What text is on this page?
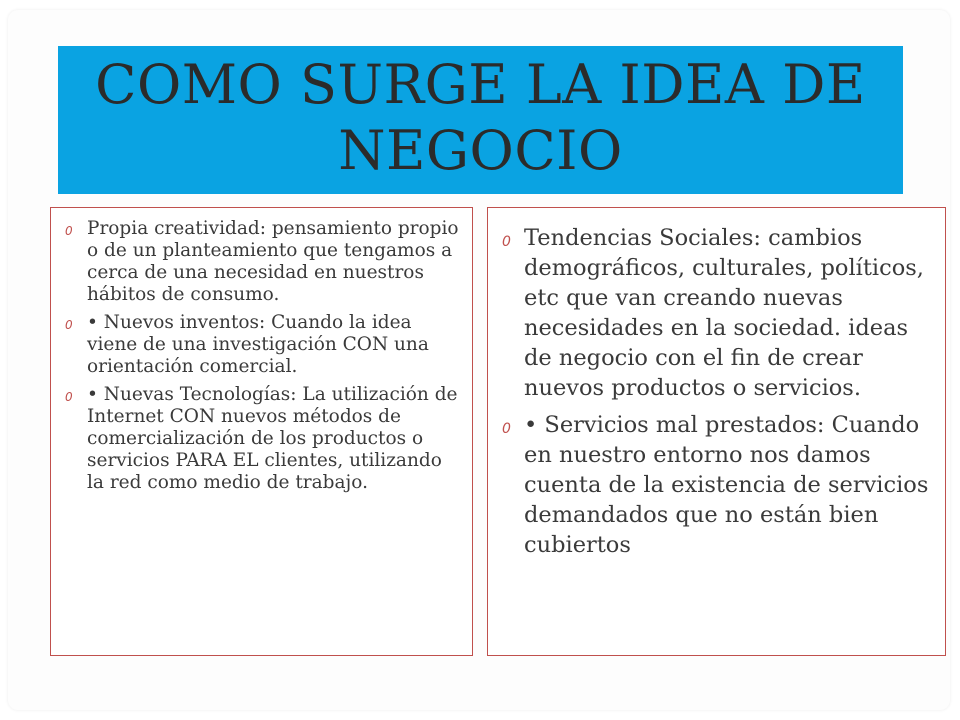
COMO SURGE LA IDEA DE NEGOCIO
0 Propia creatividad: pensamiento propio o de un planteamiento que tengamos a cerca de una necesidad en nuestros hábitos de consumo.
0 • Nuevos inventos: Cuando la idea viene de una investigación CON una orientación comercial.
0 • Nuevas Tecnologías: La utilización de Internet CON nuevos métodos de comercialización de los productos o servicios PARA EL clientes, utilizando la red como medio de trabajo.
0 Tendencias Sociales: cambios demográficos, culturales, políticos, etc que van creando nuevas necesidades en la sociedad. ideas de negocio con el fin de crear nuevos productos o servicios.
0 • Servicios mal prestados: Cuando en nuestro entorno nos damos cuenta de la existencia de servicios demandados que no están bien cubiertos
